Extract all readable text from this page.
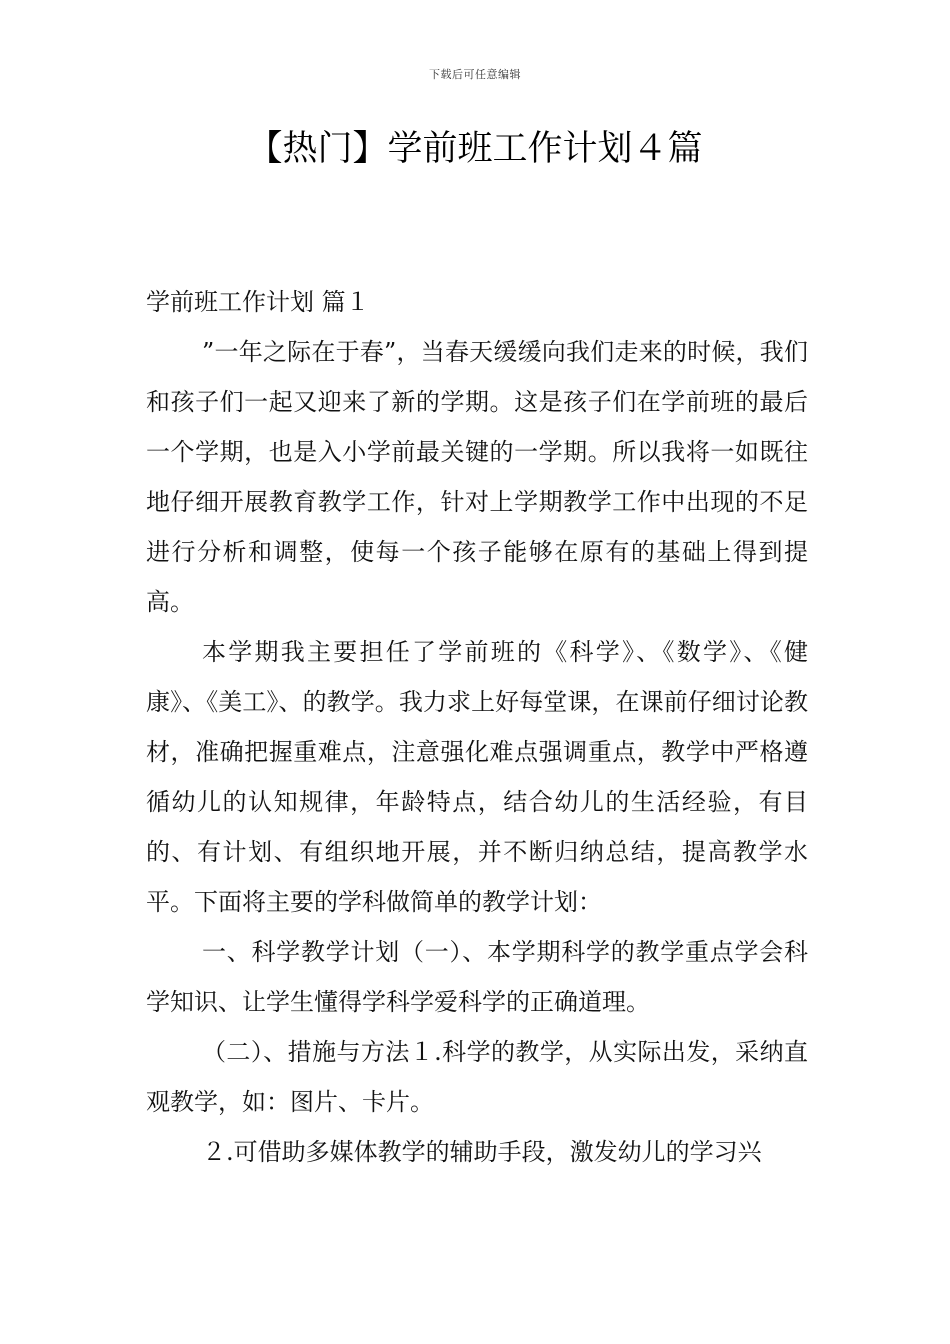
下载后可任意编辑
【热门】学前班工作计划４篇

学前班工作计划 篇１

”一年之际在于春”，当春天缓缓向我们走来的时候，我们和孩子们一起又迎来了新的学期。这是孩子们在学前班的最后一个学期，也是入小学前最关键的一学期。所以我将一如既往地仔细开展教育教学工作，针对上学期教学工作中出现的不足进行分析和调整，使每一个孩子能够在原有的基础上得到提高。

本学期我主要担任了学前班的《科学》、《数学》、《健康》、《美工》、的教学。我力求上好每堂课，在课前仔细讨论教材，准确把握重难点，注意强化难点强调重点，教学中严格遵循幼儿的认知规律，年龄特点，结合幼儿的生活经验，有目的、有计划、有组织地开展，并不断归纳总结，提高教学水平。下面将主要的学科做简单的教学计划：

一、科学教学计划（一）、本学期科学的教学重点学会科学知识、让学生懂得学科学爱科学的正确道理。

（二）、措施与方法１.科学的教学，从实际出发，采纳直观教学，如：图片、卡片。

２.可借助多媒体教学的辅助手段，激发幼儿的学习兴
